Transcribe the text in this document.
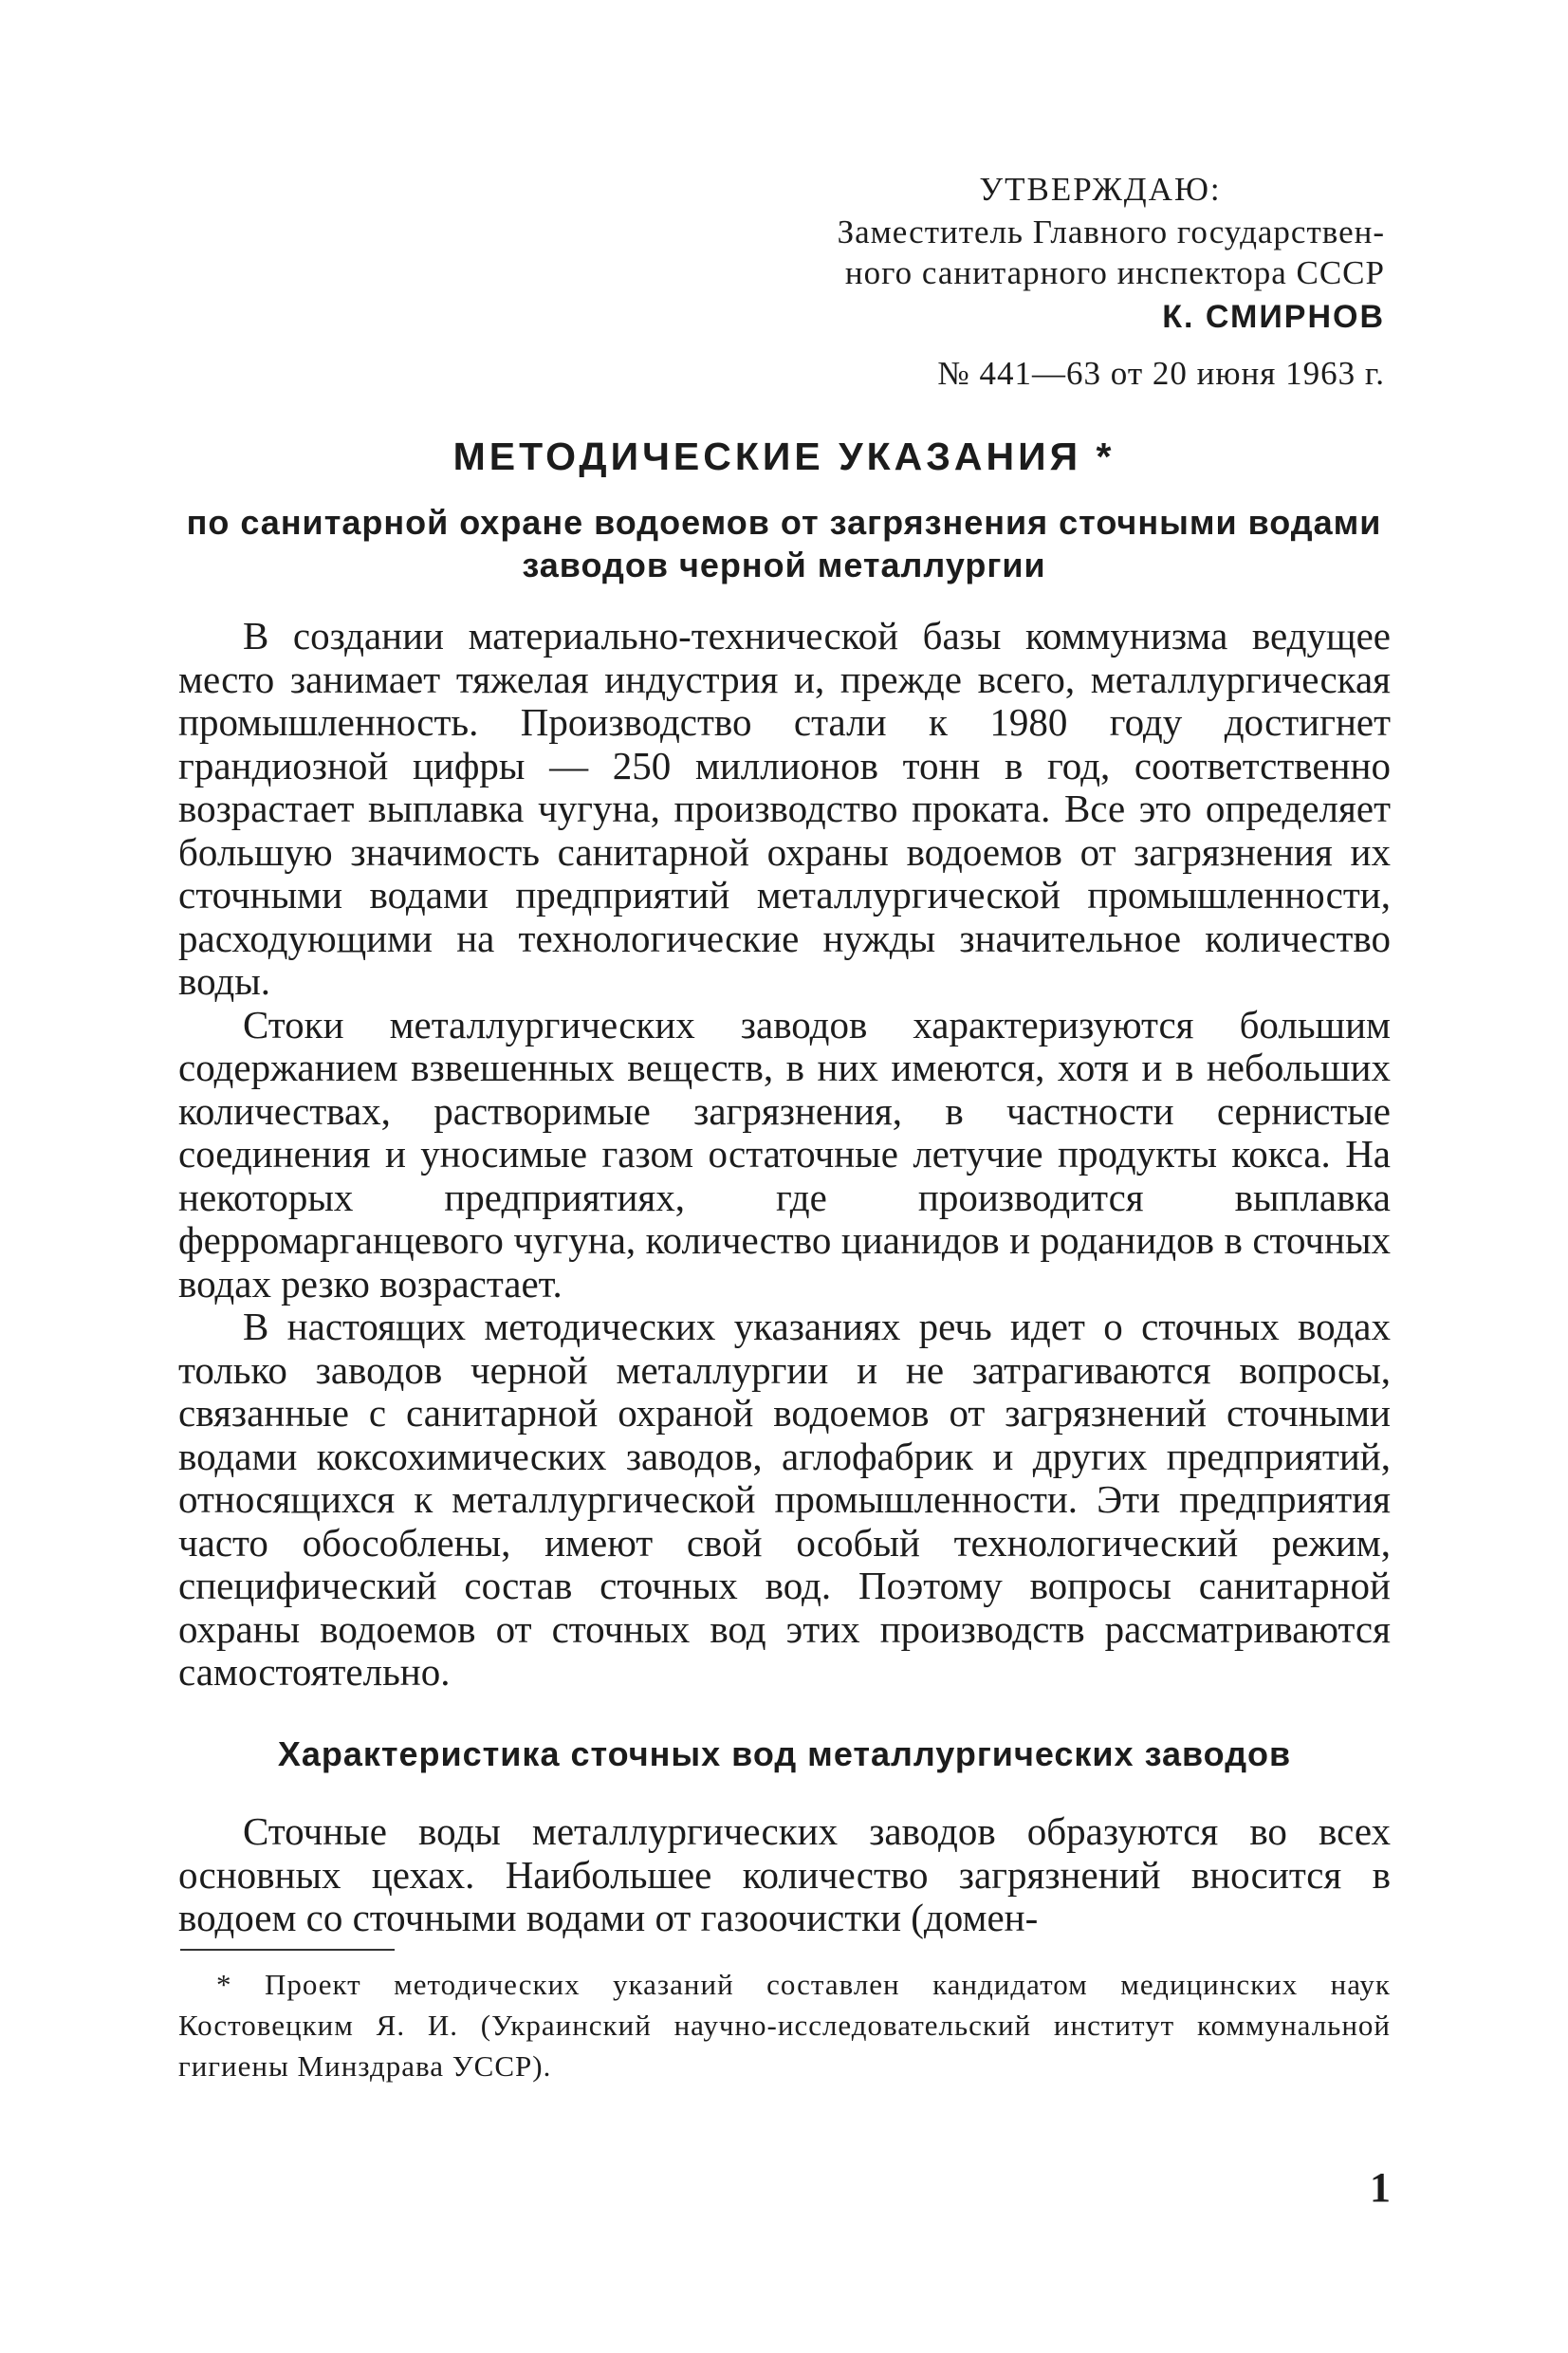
УТВЕРЖДАЮ:
Заместитель Главного государствен-
ного санитарного инспектора СССР
К. СМИРНОВ
№ 441—63 от 20 июня 1963 г.
МЕТОДИЧЕСКИЕ УКАЗАНИЯ *
по санитарной охране водоемов от загрязнения сточными водами заводов черной металлургии

В создании материально-технической базы коммунизма ведущее место занимает тяжелая индустрия и, прежде всего, металлургическая промышленность. Производство стали к 1980 году достигнет грандиозной цифры — 250 миллионов тонн в год, соответственно возрастает выплавка чугуна, производство проката. Все это определяет большую значимость санитарной охраны водоемов от загрязнения их сточными водами предприятий металлургической промышленности, расходующими на технологические нужды значительное количество воды.

Стоки металлургических заводов характеризуются большим содержанием взвешенных веществ, в них имеются, хотя и в небольших количествах, растворимые загрязнения, в частности сернистые соединения и уносимые газом остаточные летучие продукты кокса. На некоторых предприятиях, где производится выплавка ферромарганцевого чугуна, количество цианидов и роданидов в сточных водах резко возрастает.

В настоящих методических указаниях речь идет о сточных водах только заводов черной металлургии и не затрагиваются вопросы, связанные с санитарной охраной водоемов от загрязнений сточными водами коксохимических заводов, аглофабрик и других предприятий, относящихся к металлургической промышленности. Эти предприятия часто обособлены, имеют свой особый технологический режим, специфический состав сточных вод. Поэтому вопросы санитарной охраны водоемов от сточных вод этих производств рассматриваются самостоятельно.

Характеристика сточных вод металлургических заводов

Сточные воды металлургических заводов образуются во всех основных цехах. Наибольшее количество загрязнений вносится в водоем со сточными водами от газоочистки (домен-

* Проект методических указаний составлен кандидатом медицинских наук Костовецким Я. И. (Украинский научно-исследовательский институт коммунальной гигиены Минздрава УССР).

1
